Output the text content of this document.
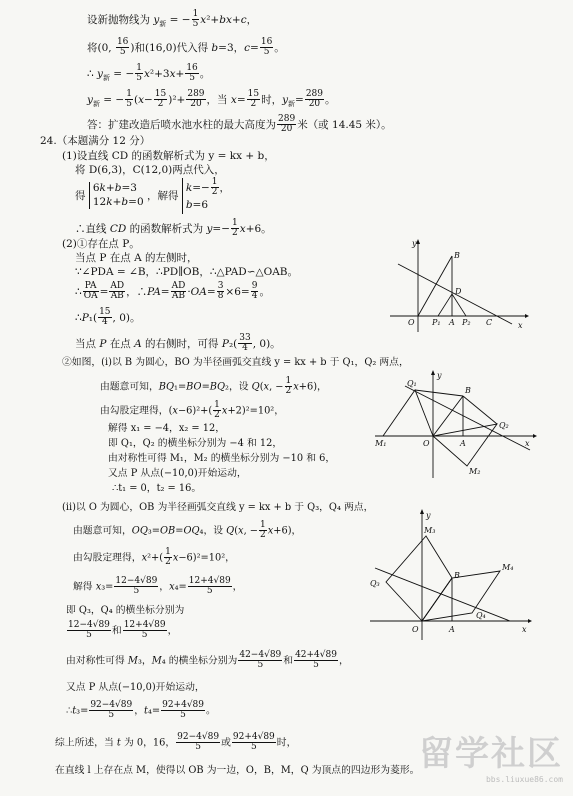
设新抛物线为 $y_新$ = − $\frac{1}{5} x^2+bx+c$，
将(0, $\frac{16}{5}$ )和(16,0)代入得 b=3，$c= \frac{16}{5}$ 。
∴ $y_新$ = − $\frac{1}{5} x^2+3x+ \frac{16}{5}$ 。
$y_新$ = − $\frac{1}{5} (x- \frac{15}{2} )^2+ \frac{289}{20}$ ，当 $x= \frac{15}{2}$ 时，$y_新= \frac{289}{20}$ 。
答：扩建改造后喷水池水柱的最大高度为 $\frac{289}{20}$ 米（或 14.45 米）。
24.（本题满分 12 分）
(1)设直线 CD 的函数解析式为 y = kx + b，
将 D(6,3)，C(12,0)两点代入，
得 6k+b=3
12k+b=0 ，解得 $k=- \frac{1}{2}$ ，
b=6
∴直线 CD 的函数解析式为 $y=- \frac{1}{2} x+6$。
(2)①存在点 P。
当点 P 在点 A 的左侧时，
∵∠PDA = ∠B，∴PD∥OB，∴△PAD∽△OAB。
∴ $\frac{PA}{OA} = \frac{AD}{AB}$ ，∴PA= $\frac{AD}{AB} \cdot OA= \frac{3}{8} \times 6= \frac{9}{4}$ 。
∴P₁( $\frac{15}{4}$ , 0)。
当点 P 在点 A 的右侧时，可得 $P_2( \frac{33}{4}$ , 0)。
②如图，(i)以 B 为圆心，BO 为半径画弧交直线 y = kx + b 于 Q₁，Q₂ 两点，
由题意可知，BQ₁=BO=BQ₂，设 Q(x, − $\frac{1}{2} x+6$)，
由勾股定理得，$(x-6)^2+( \frac{1}{2} x+2)^2=10^2$，
解得 x₁ = −4，x₂ = 12，
即 Q₁，Q₂ 的横坐标分别为 −4 和 12，
由对称性可得 M₁，M₂ 的横坐标分别为 −10 和 6，
又点 P 从点(−10,0)开始运动，
∴t₁ = 0，t₂ = 16。
(ii)以 O 为圆心，OB 为半径画弧交直线 y = kx + b 于 Q₃，Q₄ 两点，
由题意可知，OQ₃=OB=OQ₄，设 Q(x, − $\frac{1}{2} x+6$)，
由勾股定理得，$x^2+( \frac{1}{2} x-6)^2=10^2$，
解得 $x_3= \frac{12-4√89}{5}$ ，$x_4= \frac{12+4√89}{5}$ ，
即 Q₃，Q₄ 的横坐标分别为
$\frac{12-4√89}{5}$ 和 $\frac{12+4√89}{5}$ ，
由对称性可得 M₃，M₄ 的横坐标分别为 $\frac{42-4√89}{5}$ 和 $\frac{42+4√89}{5}$ ，
又点 P 从点(−10,0)开始运动，
∴t₃= $\frac{92-4√89}{5}$ ，$t_4= \frac{92+4√89}{5}$ 。
综上所述，当 t 为 0，16， $\frac{92-4√89}{5}$ 或 $\frac{92+4√89}{5}$ 时，
在直线 l 上存在点 M，使得以 OB 为一边，O，B，M，Q 为顶点的四边形为菱形。
y
B
D
O P₁ A P₂ C	x
Q₁
y
B
M₁	O	A
Q₂
x
M₂
y
M₃
Q₃
B
M₄
Q₄
O	A	x
留学社区
bbs.liuxue86.com
